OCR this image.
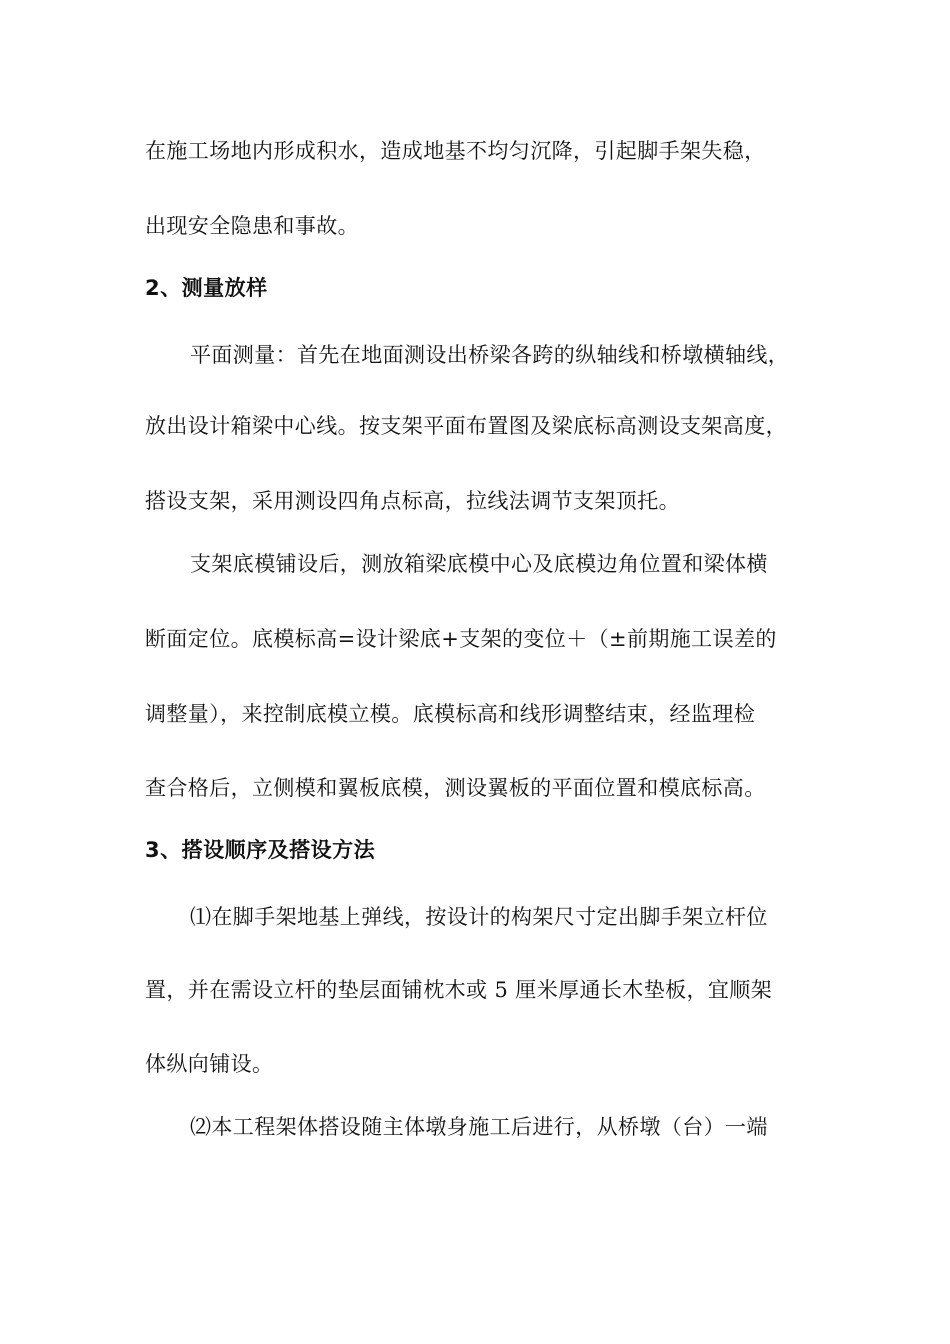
在施工场地内形成积水，造成地基不均匀沉降，引起脚手架失稳，
出现安全隐患和事故。
2、测量放样
平面测量：首先在地面测设出桥梁各跨的纵轴线和桥墩横轴线，
放出设计箱梁中心线。按支架平面布置图及梁底标高测设支架高度，
搭设支架，采用测设四角点标高，拉线法调节支架顶托。
支架底模铺设后，测放箱梁底模中心及底模边角位置和梁体横
断面定位。底模标高=设计梁底+支架的变位＋（±前期施工误差的
调整量），来控制底模立模。底模标高和线形调整结束，经监理检
查合格后，立侧模和翼板底模，测设翼板的平面位置和模底标高。
3、搭设顺序及搭设方法
⑴在脚手架地基上弹线，按设计的构架尺寸定出脚手架立杆位
置，并在需设立杆的垫层面铺枕木或 5 厘米厚通长木垫板，宜顺架
体纵向铺设。
⑵本工程架体搭设随主体墩身施工后进行，从桥墩（台）一端
